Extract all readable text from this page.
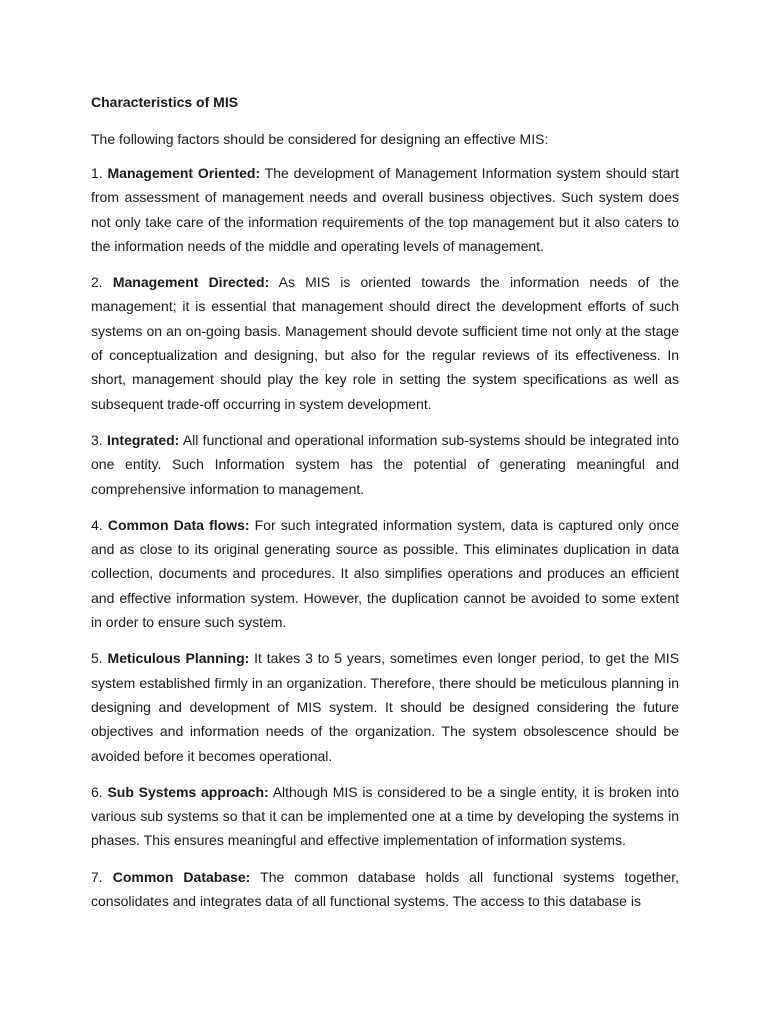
Characteristics of MIS

The following factors should be considered for designing an effective MIS:

1. Management Oriented: The development of Management Information system should start from assessment of management needs and overall business objectives. Such system does not only take care of the information requirements of the top management but it also caters to the information needs of the middle and operating levels of management.

2. Management Directed: As MIS is oriented towards the information needs of the management; it is essential that management should direct the development efforts of such systems on an on-going basis. Management should devote sufficient time not only at the stage of conceptualization and designing, but also for the regular reviews of its effectiveness. In short, management should play the key role in setting the system specifications as well as subsequent trade-off occurring in system development.

3. Integrated: All functional and operational information sub-systems should be integrated into one entity. Such Information system has the potential of generating meaningful and comprehensive information to management.

4. Common Data flows: For such integrated information system, data is captured only once and as close to its original generating source as possible. This eliminates duplication in data collection, documents and procedures. It also simplifies operations and produces an efficient and effective information system. However, the duplication cannot be avoided to some extent in order to ensure such system.

5. Meticulous Planning: It takes 3 to 5 years, sometimes even longer period, to get the MIS system established firmly in an organization. Therefore, there should be meticulous planning in designing and development of MIS system. It should be designed considering the future objectives and information needs of the organization. The system obsolescence should be avoided before it becomes operational.

6. Sub Systems approach: Although MIS is considered to be a single entity, it is broken into various sub systems so that it can be implemented one at a time by developing the systems in phases. This ensures meaningful and effective implementation of information systems.

7. Common Database: The common database holds all functional systems together, consolidates and integrates data of all functional systems. The access to this database is
